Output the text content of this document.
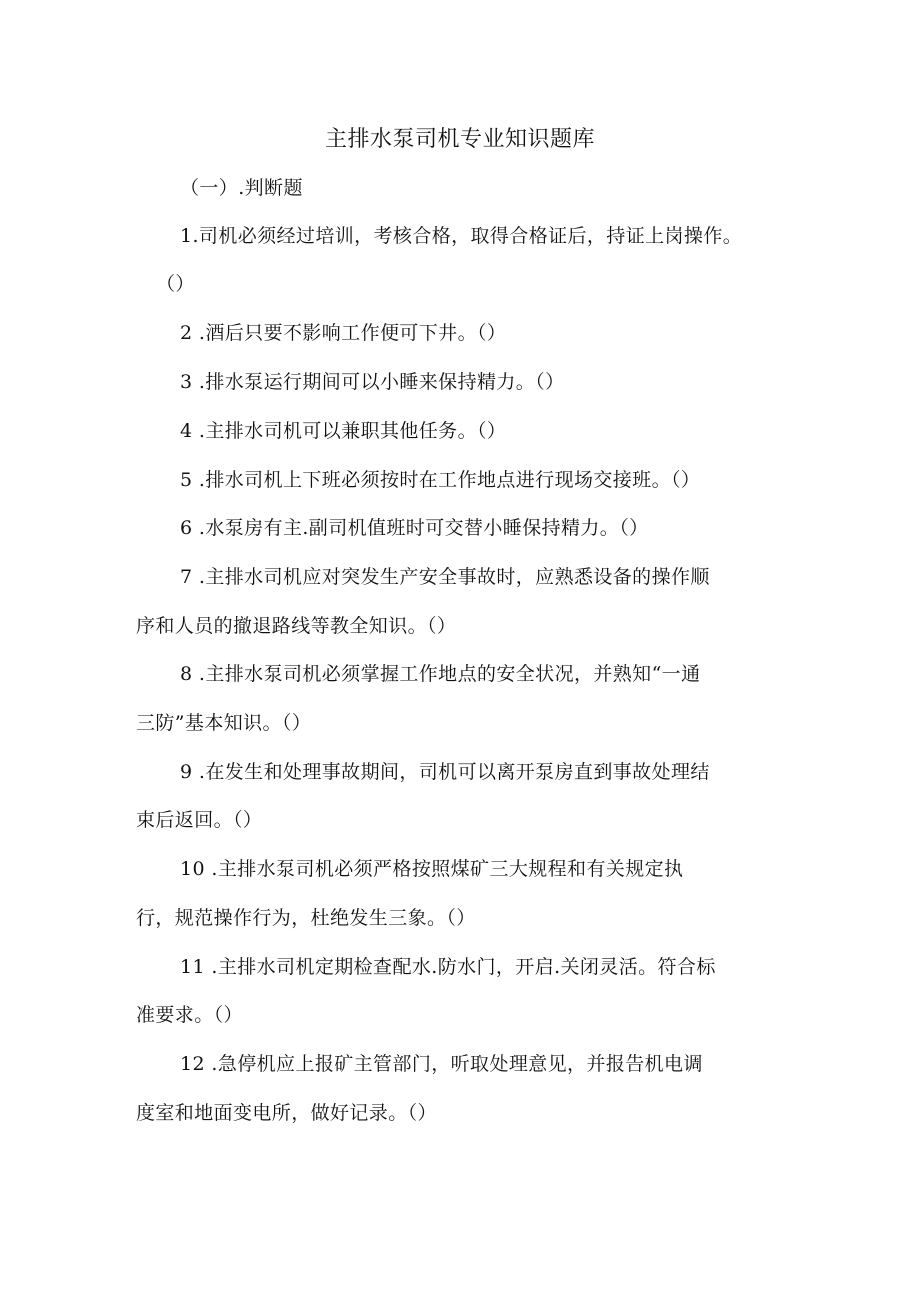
主排水泵司机专业知识题库
（一）.判断题
1.司机必须经过培训，考核合格，取得合格证后，持证上岗操作。
（）
2 .酒后只要不影响工作便可下井。（）
3 .排水泵运行期间可以小睡来保持精力。（）
4 .主排水司机可以兼职其他任务。（）
5 .排水司机上下班必须按时在工作地点进行现场交接班。（）
6 .水泵房有主.副司机值班时可交替小睡保持精力。（）
7 .主排水司机应对突发生产安全事故时，应熟悉设备的操作顺
序和人员的撤退路线等教全知识。（）
8 .主排水泵司机必须掌握工作地点的安全状况，并熟知“一通
三防”基本知识。（）
9 .在发生和处理事故期间，司机可以离开泵房直到事故处理结
束后返回。（）
10 .主排水泵司机必须严格按照煤矿三大规程和有关规定执
行，规范操作行为，杜绝发生三象。（）
11 .主排水司机定期检查配水.防水门，开启.关闭灵活。符合标
准要求。（）
12 .急停机应上报矿主管部门，听取处理意见，并报告机电调
度室和地面变电所，做好记录。（）
